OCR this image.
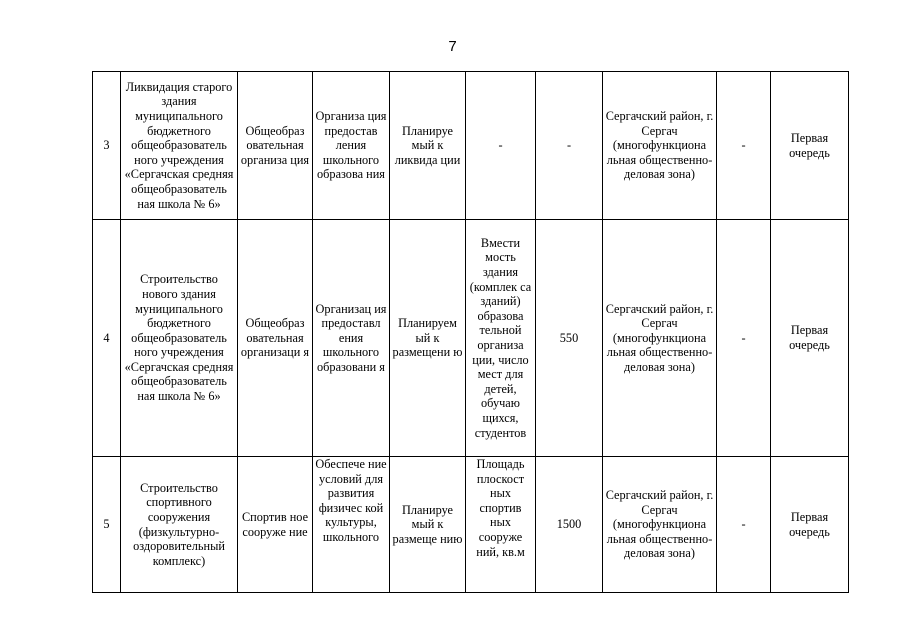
7
3	Ликвидация старого здания муниципального бюджетного общеобразователь ного учреждения «Сергачская средняя общеобразователь ная школа № 6»	Общеобраз овательная организа ция	Организа ция предостав ления школьного образова ния	Планируе мый к ликвида ции	-	-	Сергачский район, г. Сергач (многофункциона льная общественно- деловая зона)	-	Первая очередь
4	Строительство нового здания муниципального бюджетного общеобразователь ного учреждения «Сергачская средняя общеобразователь ная школа № 6»	Общеобраз овательная организаци я	Организац ия предоставл ения школьного образовани я	Планируем ый к размещени ю	Вмести мость здания (комплек са зданий) образова тельной организа ции, число мест для детей, обучаю щихся, студентов	550	Сергачский район, г. Сергач (многофункциона льная общественно- деловая зона)	-	Первая очередь
5	Строительство спортивного сооружения (физкультурно- оздоровительный комплекс)	Спортив ное сооруже ние	Обеспече ние условий для развития физичес кой культуры, школьного	Планируе мый к размеще нию	Площадь плоскост ных спортив ных сооруже ний, кв.м	1500	Сергачский район, г. Сергач (многофункциона льная общественно- деловая зона)	-	Первая очередь
